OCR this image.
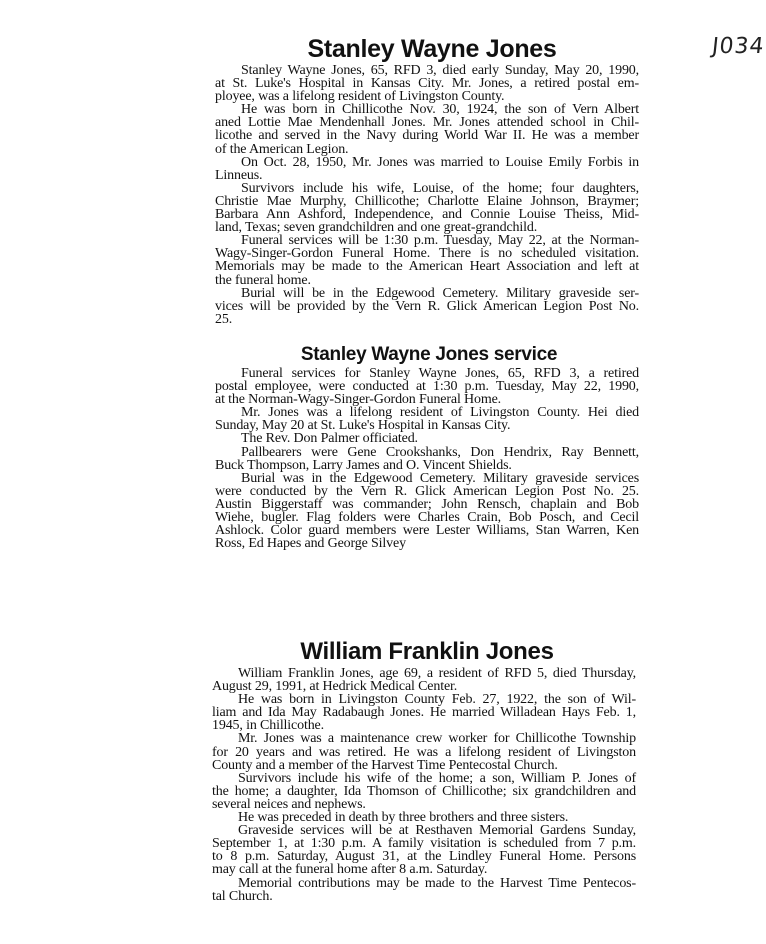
J034
Stanley Wayne Jones
Stanley Wayne Jones, 65, RFD 3, died early Sunday, May 20, 1990,
at St. Luke's Hospital in Kansas City. Mr. Jones, a retired postal em-
ployee, was a lifelong resident of Livingston County.
He was born in Chillicothe Nov. 30, 1924, the son of Vern Albert
aned Lottie Mae Mendenhall Jones. Mr. Jones attended school in Chil-
licothe and served in the Navy during World War II. He was a member
of the American Legion.
On Oct. 28, 1950, Mr. Jones was married to Louise Emily Forbis in
Linneus.
Survivors include his wife, Louise, of the home; four daughters,
Christie Mae Murphy, Chillicothe; Charlotte Elaine Johnson, Braymer;
Barbara Ann Ashford, Independence, and Connie Louise Theiss, Mid-
land, Texas; seven grandchildren and one great-grandchild.
Funeral services will be 1:30 p.m. Tuesday, May 22, at the Norman-
Wagy-Singer-Gordon Funeral Home. There is no scheduled visitation.
Memorials may be made to the American Heart Association and left at
the funeral home.
Burial will be in the Edgewood Cemetery. Military graveside ser-
vices will be provided by the Vern R. Glick American Legion Post No.
25.
Stanley Wayne Jones service
Funeral services for Stanley Wayne Jones, 65, RFD 3, a retired
postal employee, were conducted at 1:30 p.m. Tuesday, May 22, 1990,
at the Norman-Wagy-Singer-Gordon Funeral Home.
Mr. Jones was a lifelong resident of Livingston County. Hei died
Sunday, May 20 at St. Luke's Hospital in Kansas City.
The Rev. Don Palmer officiated.
Pallbearers were Gene Crookshanks, Don Hendrix, Ray Bennett,
Buck Thompson, Larry James and O. Vincent Shields.
Burial was in the Edgewood Cemetery. Military graveside services
were conducted by the Vern R. Glick American Legion Post No. 25.
Austin Biggerstaff was commander; John Rensch, chaplain and Bob
Wiehe, bugler. Flag folders were Charles Crain, Bob Posch, and Cecil
Ashlock. Color guard members were Lester Williams, Stan Warren, Ken
Ross, Ed Hapes and George Silvey
William Franklin Jones
William Franklin Jones, age 69, a resident of RFD 5, died Thursday,
August 29, 1991, at Hedrick Medical Center.
He was born in Livingston County Feb. 27, 1922, the son of Wil-
liam and Ida May Radabaugh Jones. He married Willadean Hays Feb. 1,
1945, in Chillicothe.
Mr. Jones was a maintenance crew worker for Chillicothe Township
for 20 years and was retired. He was a lifelong resident of Livingston
County and a member of the Harvest Time Pentecostal Church.
Survivors include his wife of the home; a son, William P. Jones of
the home; a daughter, Ida Thomson of Chillicothe; six grandchildren and
several neices and nephews.
He was preceded in death by three brothers and three sisters.
Graveside services will be at Resthaven Memorial Gardens Sunday,
September 1, at 1:30 p.m. A family visitation is scheduled from 7 p.m.
to 8 p.m. Saturday, August 31, at the Lindley Funeral Home. Persons
may call at the funeral home after 8 a.m. Saturday.
Memorial contributions may be made to the Harvest Time Pentecos-
tal Church.
